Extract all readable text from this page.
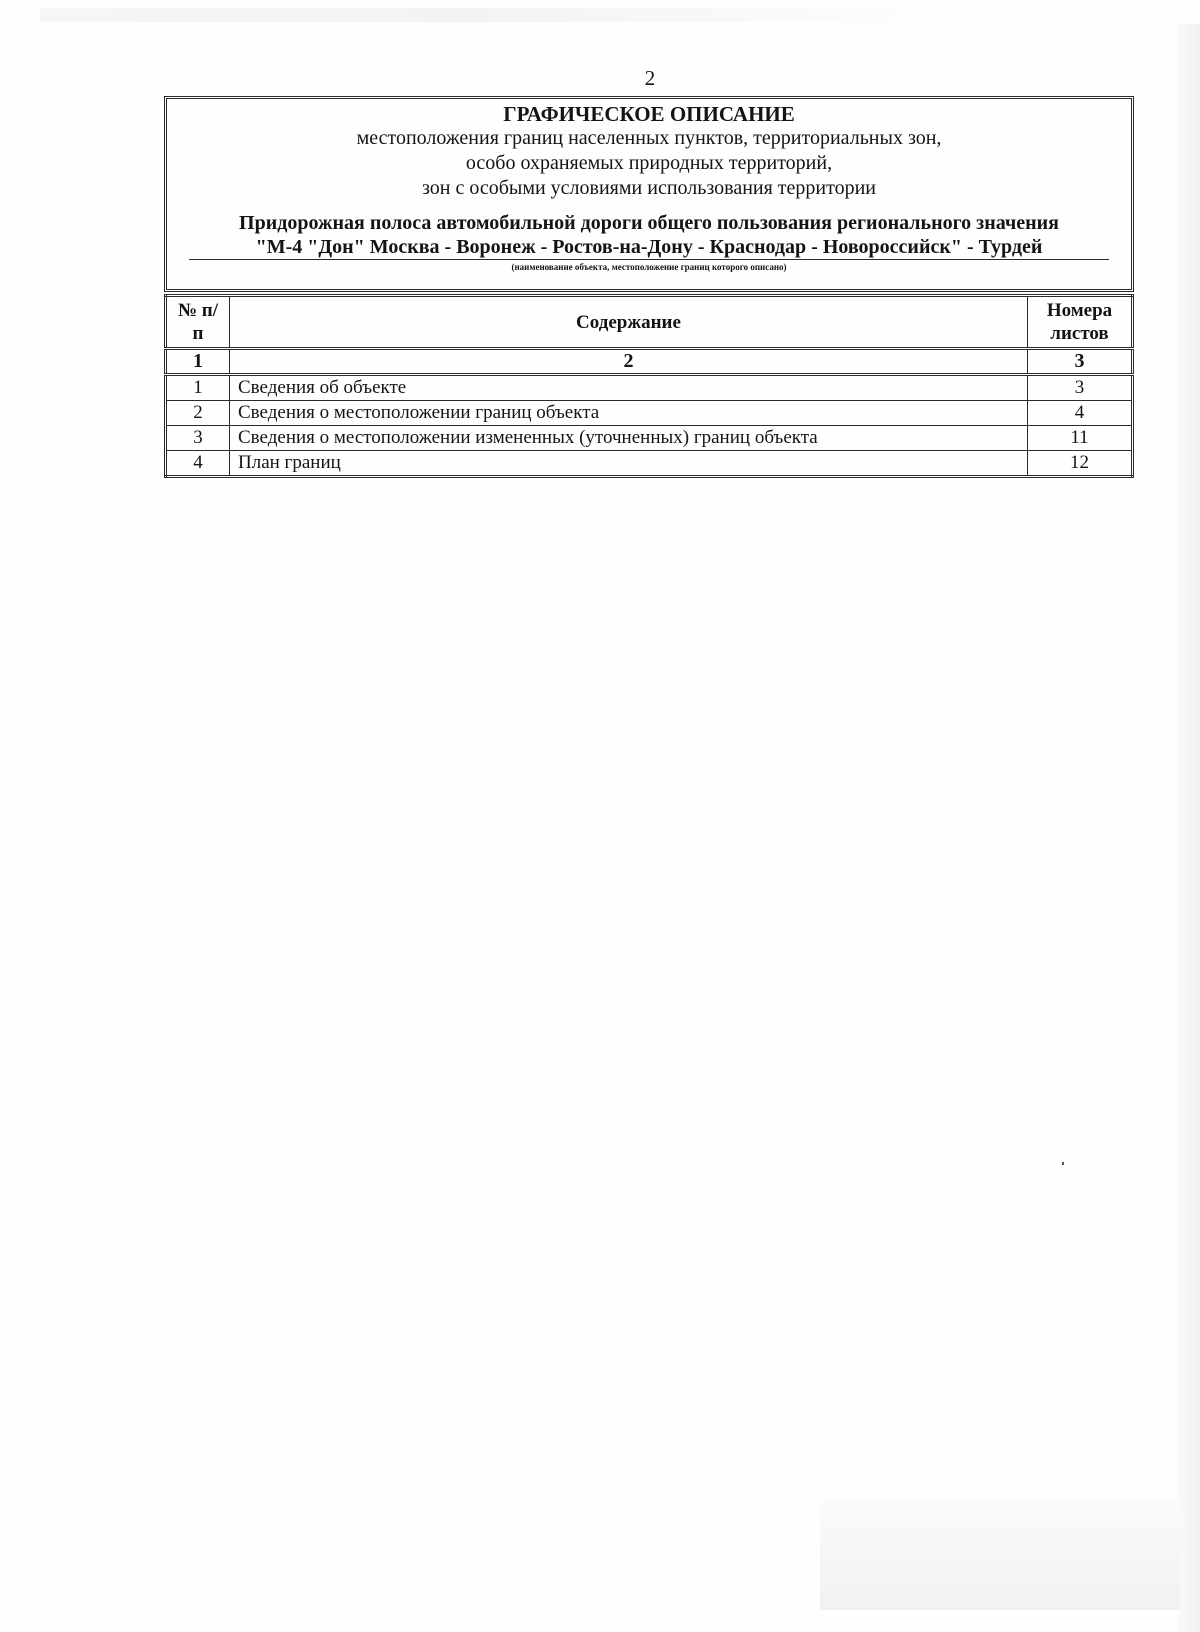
2
ГРАФИЧЕСКОЕ ОПИСАНИЕ
местоположения границ населенных пунктов, территориальных зон,
особо охраняемых природных территорий,
зон с особыми условиями использования территории
Придорожная полоса автомобильной дороги общего пользования регионального значения
"М-4 "Дон" Москва - Воронеж - Ростов-на-Дону - Краснодар - Новороссийск" - Турдей
(наименование объекта, местоположение границ которого описано)
№ п/п	Содержание	Номера листов
1	2	3
1	Сведения об объекте	3
2	Сведения о местоположении границ объекта	4
3	Сведения о местоположении измененных (уточненных) границ объекта	11
4	План границ	12
